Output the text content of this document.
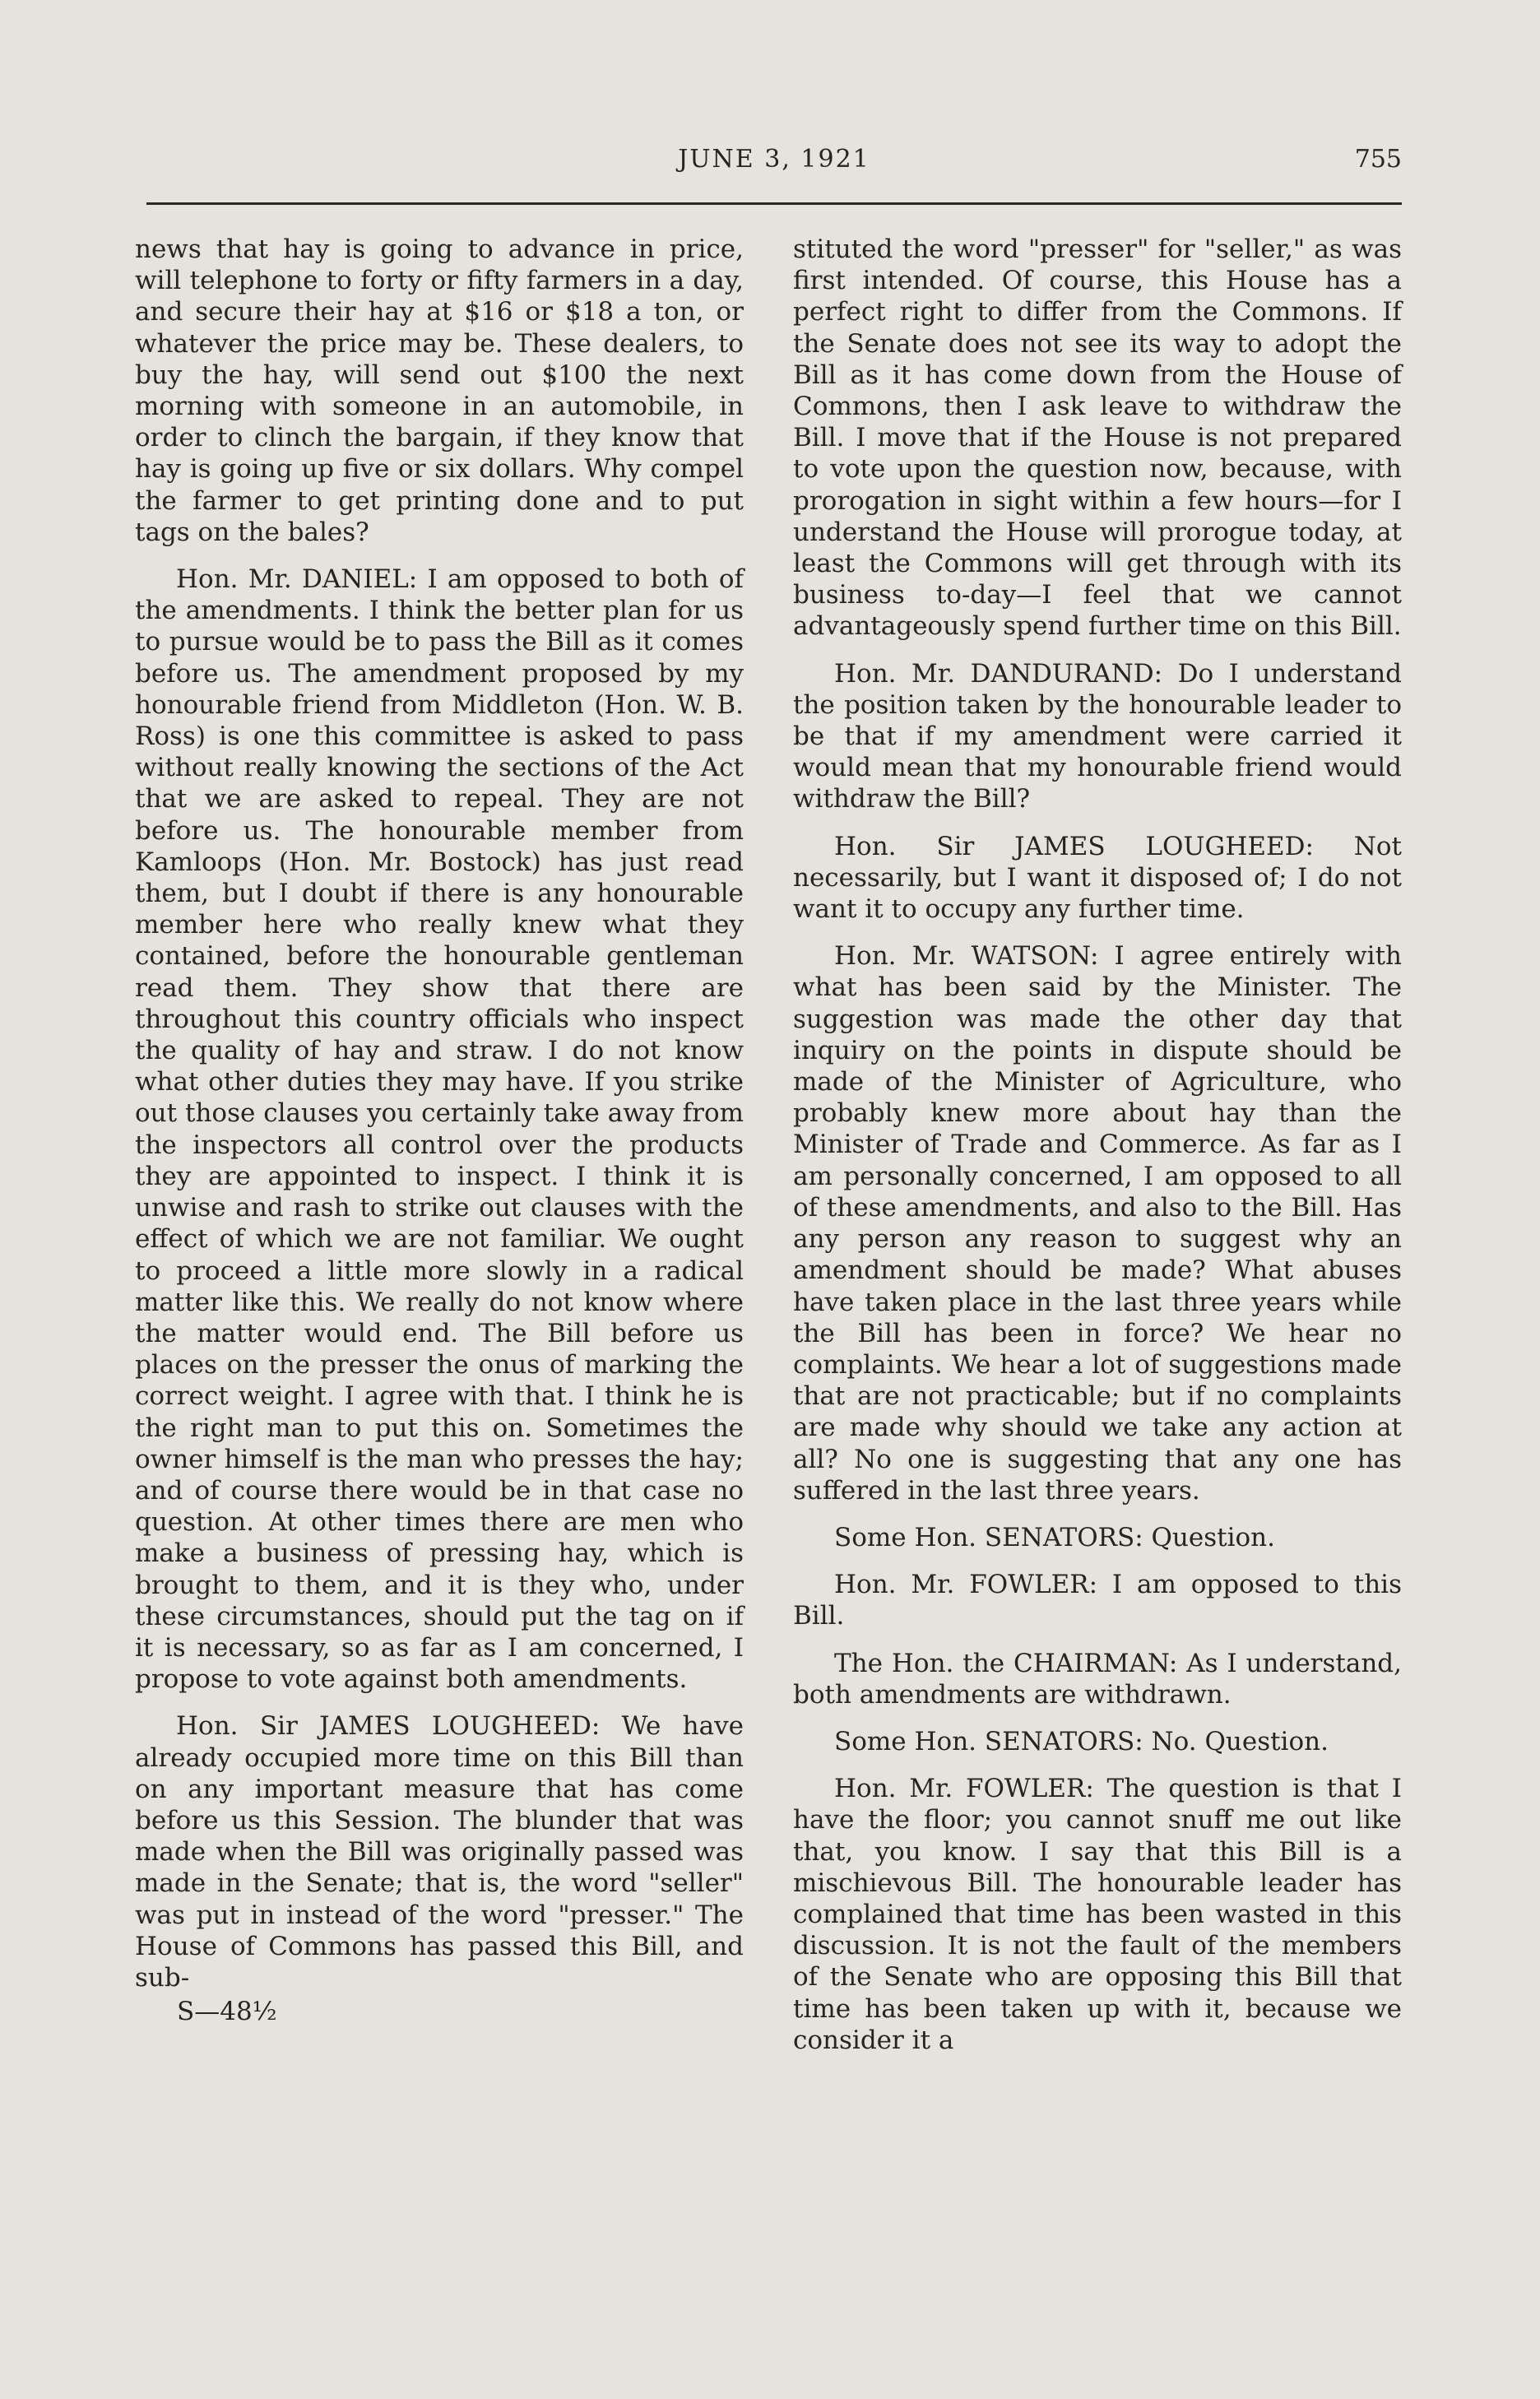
JUNE 3, 1921	755

news that hay is going to advance in price, will telephone to forty or fifty farmers in a day, and secure their hay at $16 or $18 a ton, or whatever the price may be. These dealers, to buy the hay, will send out $100 the next morning with someone in an automobile, in order to clinch the bargain, if they know that hay is going up five or six dollars. Why compel the farmer to get printing done and to put tags on the bales?

Hon. Mr. DANIEL: I am opposed to both of the amendments. I think the better plan for us to pursue would be to pass the Bill as it comes before us. The amendment proposed by my honourable friend from Middleton (Hon. W. B. Ross) is one this committee is asked to pass without really knowing the sections of the Act that we are asked to repeal. They are not before us. The honourable member from Kamloops (Hon. Mr. Bostock) has just read them, but I doubt if there is any honourable member here who really knew what they contained, before the honourable gentleman read them. They show that there are throughout this country officials who inspect the quality of hay and straw. I do not know what other duties they may have. If you strike out those clauses you certainly take away from the inspectors all control over the products they are appointed to inspect. I think it is unwise and rash to strike out clauses with the effect of which we are not familiar. We ought to proceed a little more slowly in a radical matter like this. We really do not know where the matter would end. The Bill before us places on the presser the onus of marking the correct weight. I agree with that. I think he is the right man to put this on. Sometimes the owner himself is the man who presses the hay; and of course there would be in that case no question. At other times there are men who make a business of pressing hay, which is brought to them, and it is they who, under these circumstances, should put the tag on if it is necessary, so as far as I am concerned, I propose to vote against both amendments.

Hon. Sir JAMES LOUGHEED: We have already occupied more time on this Bill than on any important measure that has come before us this Session. The blunder that was made when the Bill was originally passed was made in the Senate; that is, the word "seller" was put in instead of the word "presser." The House of Commons has passed this Bill, and sub-

S—48½

stituted the word "presser" for "seller," as was first intended. Of course, this House has a perfect right to differ from the Commons. If the Senate does not see its way to adopt the Bill as it has come down from the House of Commons, then I ask leave to withdraw the Bill. I move that if the House is not prepared to vote upon the question now, because, with prorogation in sight within a few hours—for I understand the House will prorogue today, at least the Commons will get through with its business to-day—I feel that we cannot advantageously spend further time on this Bill.

Hon. Mr. DANDURAND: Do I understand the position taken by the honourable leader to be that if my amendment were carried it would mean that my honourable friend would withdraw the Bill?

Hon. Sir JAMES LOUGHEED: Not necessarily, but I want it disposed of; I do not want it to occupy any further time.

Hon. Mr. WATSON: I agree entirely with what has been said by the Minister. The suggestion was made the other day that inquiry on the points in dispute should be made of the Minister of Agriculture, who probably knew more about hay than the Minister of Trade and Commerce. As far as I am personally concerned, I am opposed to all of these amendments, and also to the Bill. Has any person any reason to suggest why an amendment should be made? What abuses have taken place in the last three years while the Bill has been in force? We hear no complaints. We hear a lot of suggestions made that are not practicable; but if no complaints are made why should we take any action at all? No one is suggesting that any one has suffered in the last three years.

Some Hon. SENATORS: Question.

Hon. Mr. FOWLER: I am opposed to this Bill.

The Hon. the CHAIRMAN: As I understand, both amendments are withdrawn.

Some Hon. SENATORS: No. Question.

Hon. Mr. FOWLER: The question is that I have the floor; you cannot snuff me out like that, you know. I say that this Bill is a mischievous Bill. The honourable leader has complained that time has been wasted in this discussion. It is not the fault of the members of the Senate who are opposing this Bill that time has been taken up with it, because we consider it a
